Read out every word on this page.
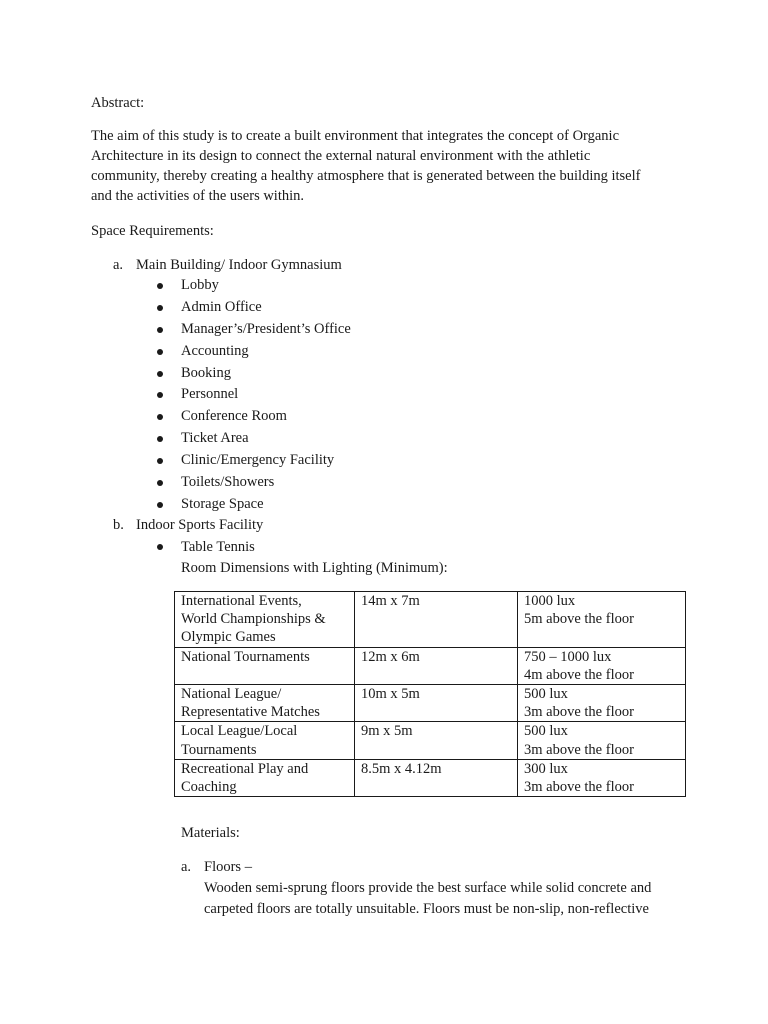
Abstract:
The aim of this study is to create a built environment that integrates the concept of Organic
Architecture in its design to connect the external natural environment with the athletic
community, thereby creating a healthy atmosphere that is generated between the building itself
and the activities of the users within.
Space Requirements:
a. Main Building/ Indoor Gymnasium
Lobby
Admin Office
Manager’s/President’s Office
Accounting
Booking
Personnel
Conference Room
Ticket Area
Clinic/Emergency Facility
Toilets/Showers
Storage Space
b. Indoor Sports Facility
Table Tennis
Room Dimensions with Lighting (Minimum):
International Events,
World Championships &
Olympic Games	14m x 7m	1000 lux
5m above the floor

National Tournaments	12m x 6m	750 – 1000 lux
4m above the floor

National League/
Representative Matches	10m x 5m	500 lux
3m above the floor

Local League/Local
Tournaments	9m x 5m	500 lux
3m above the floor

Recreational Play and
Coaching	8.5m x 4.12m	300 lux
3m above the floor
Materials:
a. Floors –
Wooden semi-sprung floors provide the best surface while solid concrete and
carpeted floors are totally unsuitable. Floors must be non-slip, non-reflective
